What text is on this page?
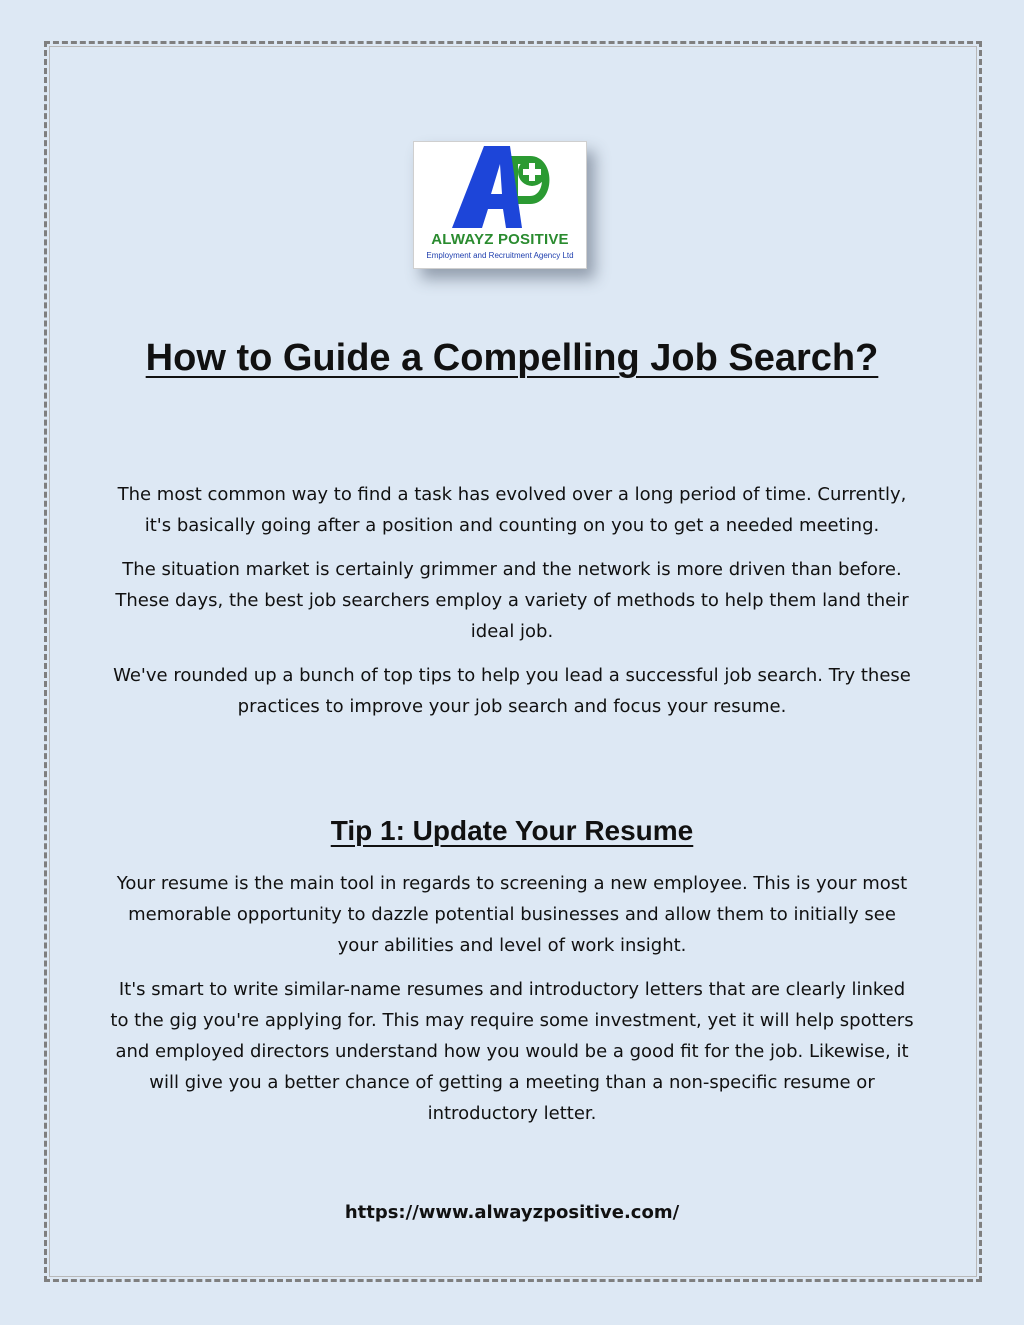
ALWAYZ POSITIVE
Employment and Recruitment Agency Ltd
How to Guide a Compelling Job Search?

The most common way to find a task has evolved over a long period of time. Currently, it's basically going after a position and counting on you to get a needed meeting.

The situation market is certainly grimmer and the network is more driven than before. These days, the best job searchers employ a variety of methods to help them land their ideal job.

We've rounded up a bunch of top tips to help you lead a successful job search. Try these practices to improve your job search and focus your resume.

Tip 1: Update Your Resume

Your resume is the main tool in regards to screening a new employee. This is your most memorable opportunity to dazzle potential businesses and allow them to initially see your abilities and level of work insight.

It's smart to write similar-name resumes and introductory letters that are clearly linked to the gig you're applying for. This may require some investment, yet it will help spotters and employed directors understand how you would be a good fit for the job. Likewise, it will give you a better chance of getting a meeting than a non-specific resume or introductory letter.

https://www.alwayzpositive.com/
